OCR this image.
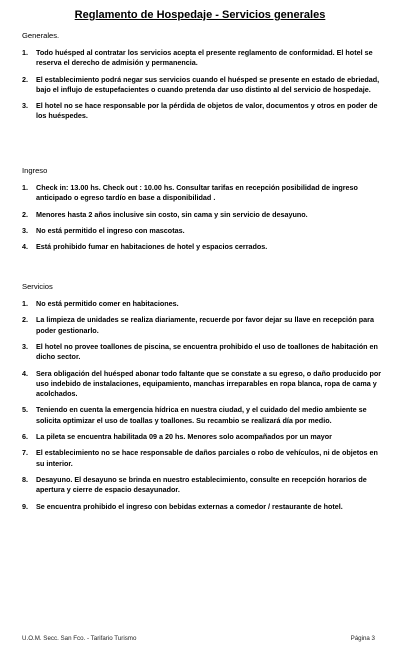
Reglamento de Hospedaje - Servicios generales
Generales.
1.	Todo huésped al contratar los servicios acepta el presente reglamento de conformidad. El hotel se reserva el derecho de admisión y permanencia.
2.	El establecimiento podrá negar sus servicios cuando el huésped se presente en estado de ebriedad, bajo el influjo de estupefacientes o cuando pretenda dar uso distinto al del servicio de hospedaje.
3.	El hotel no se hace responsable por la pérdida de objetos de valor, documentos y otros en poder de los huéspedes.
Ingreso
1.	Check in: 13.00 hs. Check out : 10.00 hs. Consultar tarifas en recepción posibilidad de ingreso anticipado o egreso tardío en base a disponibilidad .
2.	Menores hasta 2 años inclusive sin costo, sin cama y sin servicio de desayuno.
3.	No está permitido el ingreso con mascotas.
4.	Está prohibido fumar en habitaciones de hotel y espacios cerrados.
Servicios
1.	No está permitido comer en habitaciones.
2.	La limpieza de unidades se realiza diariamente, recuerde por favor dejar su llave en recepción para poder gestionarlo.
3.	El hotel no provee toallones de piscina, se encuentra prohibido el uso de toallones de habitación en dicho sector.
4.	Sera obligación del huésped abonar todo faltante que se constate a su egreso, o daño producido por uso indebido de instalaciones, equipamiento, manchas irreparables en ropa blanca, ropa de cama y acolchados.
5.	Teniendo en cuenta la emergencia hídrica en nuestra ciudad, y el cuidado del medio ambiente se solicita optimizar el uso de toallas y toallones. Su recambio se realizará día por medio.
6.	La pileta se encuentra habilitada 09 a 20 hs. Menores solo acompañados por un mayor
7.	El establecimiento no se hace responsable de daños parciales o robo de vehículos, ni de objetos en su interior.
8.	Desayuno. El desayuno se brinda en nuestro establecimiento, consulte en recepción horarios de apertura y cierre de espacio desayunador.
9.	Se encuentra prohibido el ingreso con bebidas externas a comedor / restaurante de hotel.
U.O.M. Secc. San Fco. - Tarifario Turismo	Página 3
